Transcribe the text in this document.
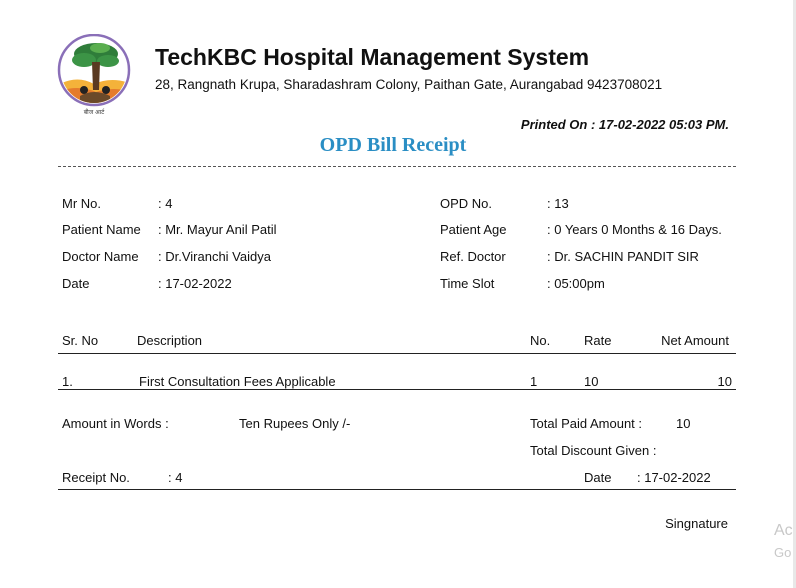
बीज आर्ट
TechKBC Hospital Management System
28, Rangnath Krupa, Sharadashram Colony, Paithan Gate, Aurangabad 9423708021
Printed On : 17-02-2022 05:03 PM.
OPD Bill Receipt
Mr No.	: 4
Patient Name : Mr. Mayur Anil Patil
Doctor Name : Dr.Viranchi Vaidya
Date	: 17-02-2022
OPD No.	: 13
Patient Age	: 0 Years 0 Months & 16 Days.
Ref. Doctor	: Dr. SACHIN PANDIT SIR
Time Slot	: 05:00pm
Sr. No	Description	No.	Rate	Net Amount
1.	First Consultation Fees Applicable	1	10	10
Amount in Words :	Ten Rupees Only /-	Total Paid Amount :	10
Total Discount Given :
Receipt No.	: 4	Date : 17-02-2022
Singnature	Ac
Go
